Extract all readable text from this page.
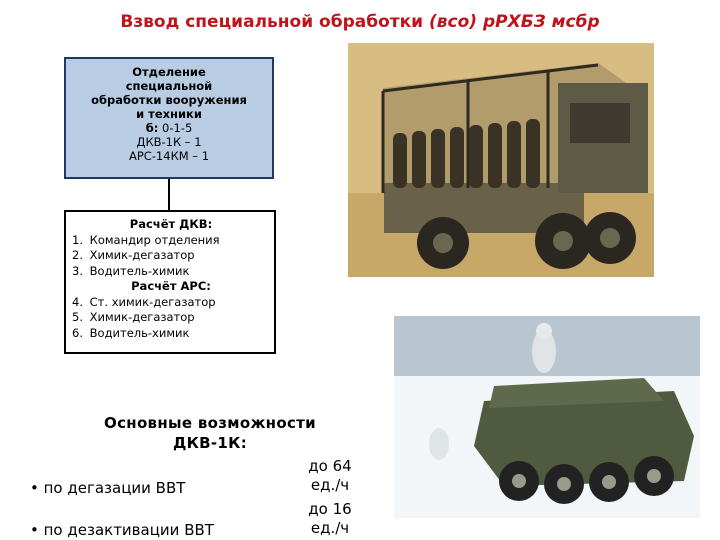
Взвод специальной обработки (всо) рРХБЗ мсбр
Отделение
специальной
обработки вооружения
и техники
б: 0-1-5
ДКВ-1К – 1
АРС-14КМ – 1
Расчёт ДКВ:
1. Командир отделения
2. Химик-дегазатор
3. Водитель-химик
Расчёт АРС:
4. Ст. химик-дегазатор
5. Химик-дегазатор
6. Водитель-химик
Основные возможности
ДКВ-1К:
до 64
ед./ч
• по дегазации ВВТ
до 16
ед./ч
• по дезактивации ВВТ
